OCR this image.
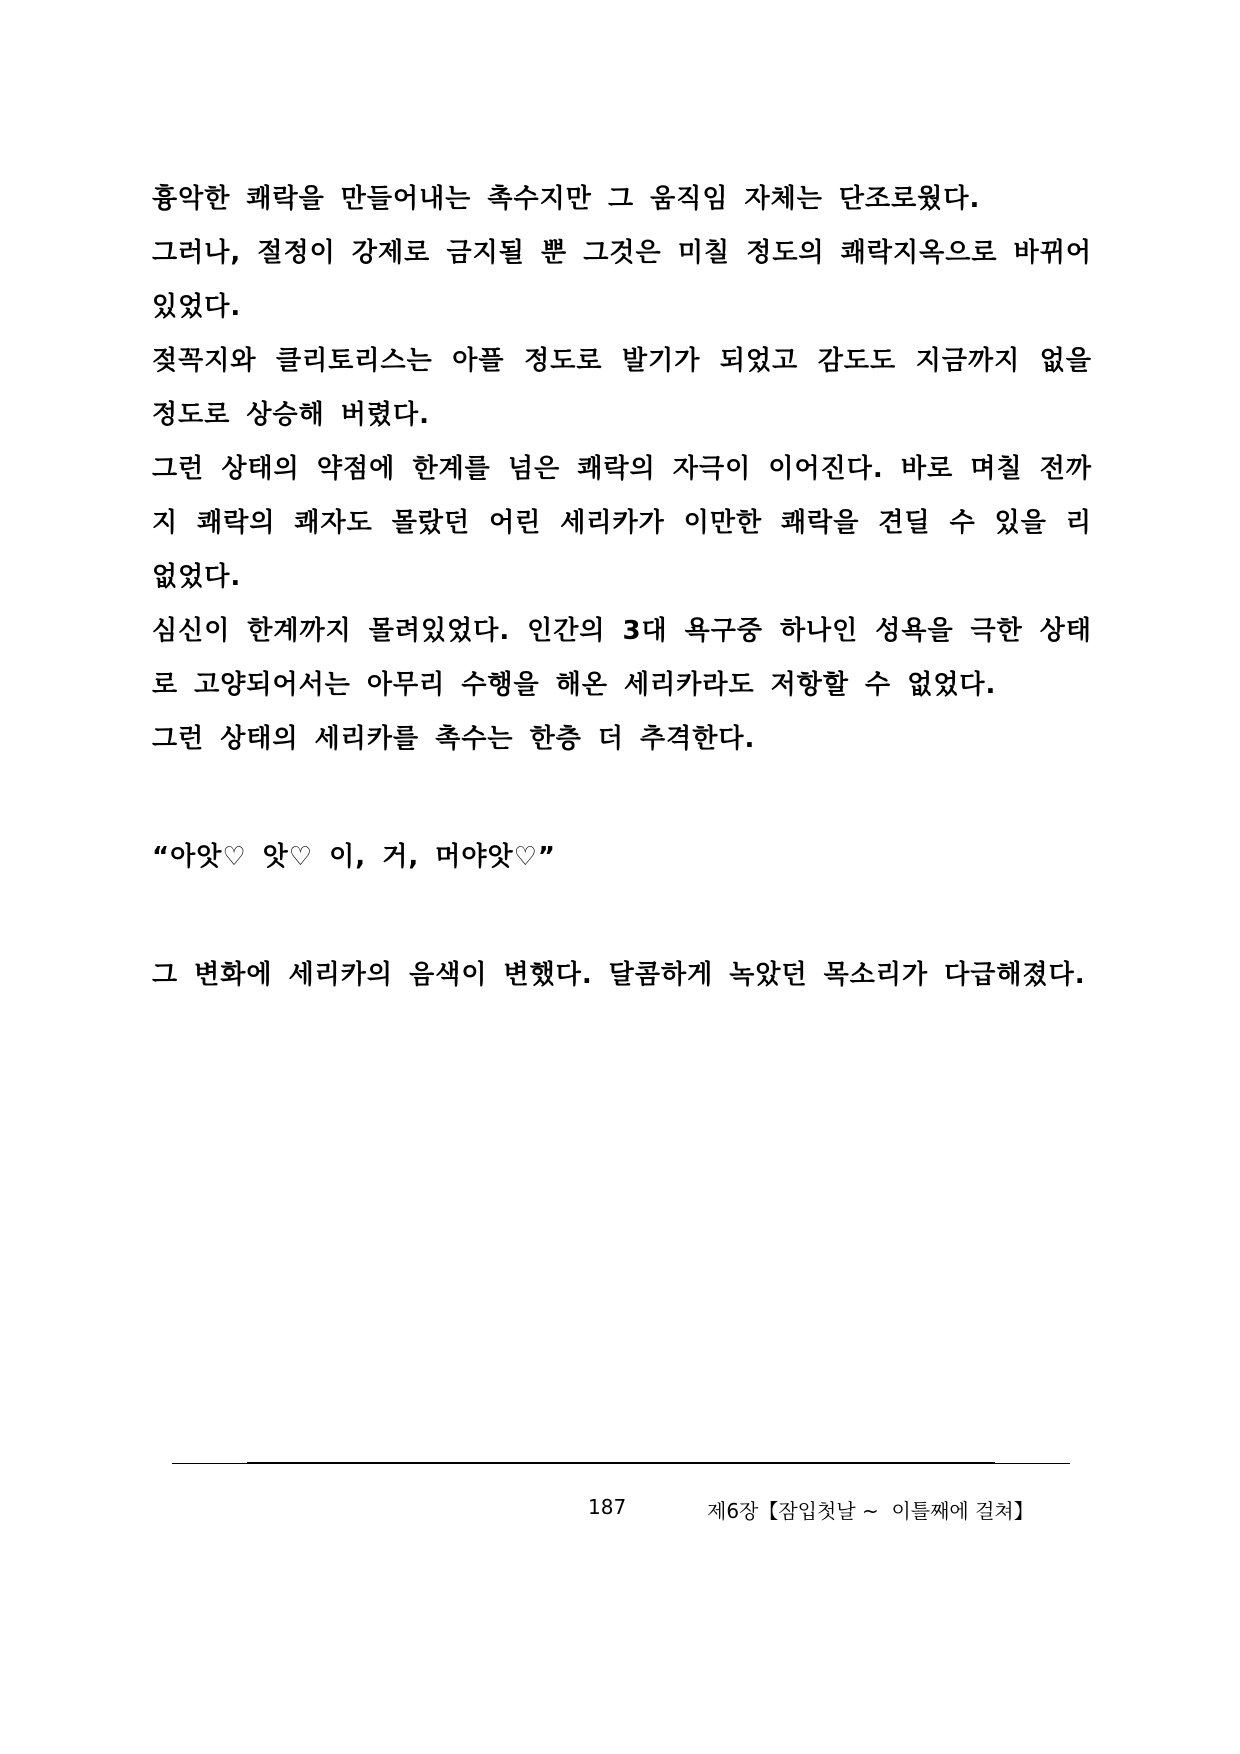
흉악한 쾌락을 만들어내는 촉수지만 그 움직임 자체는 단조로웠다.

그러나, 절정이 강제로 금지될 뿐 그것은 미칠 정도의 쾌락지옥으로 바뀌어 있었다.

젖꼭지와 클리토리스는 아플 정도로 발기가 되었고 감도도 지금까지 없을 정도로 상승해 버렸다.

그런 상태의 약점에 한계를 넘은 쾌락의 자극이 이어진다. 바로 며칠 전까지 쾌락의 쾌자도 몰랐던 어린 세리카가 이만한 쾌락을 견딜 수 있을 리 없었다.

심신이 한계까지 몰려있었다. 인간의 3대 욕구중 하나인 성욕을 극한 상태로 고양되어서는 아무리 수행을 해온 세리카라도 저항할 수 없었다.

그런 상태의 세리카를 촉수는 한층 더 추격한다.

“아앗♡ 앗♡ 이, 거, 머야앗♡”

그 변화에 세리카의 음색이 변했다. 달콤하게 녹았던 목소리가 다급해졌다.

187	제6장【잠입첫날 ~  이틀째에 걸쳐】
